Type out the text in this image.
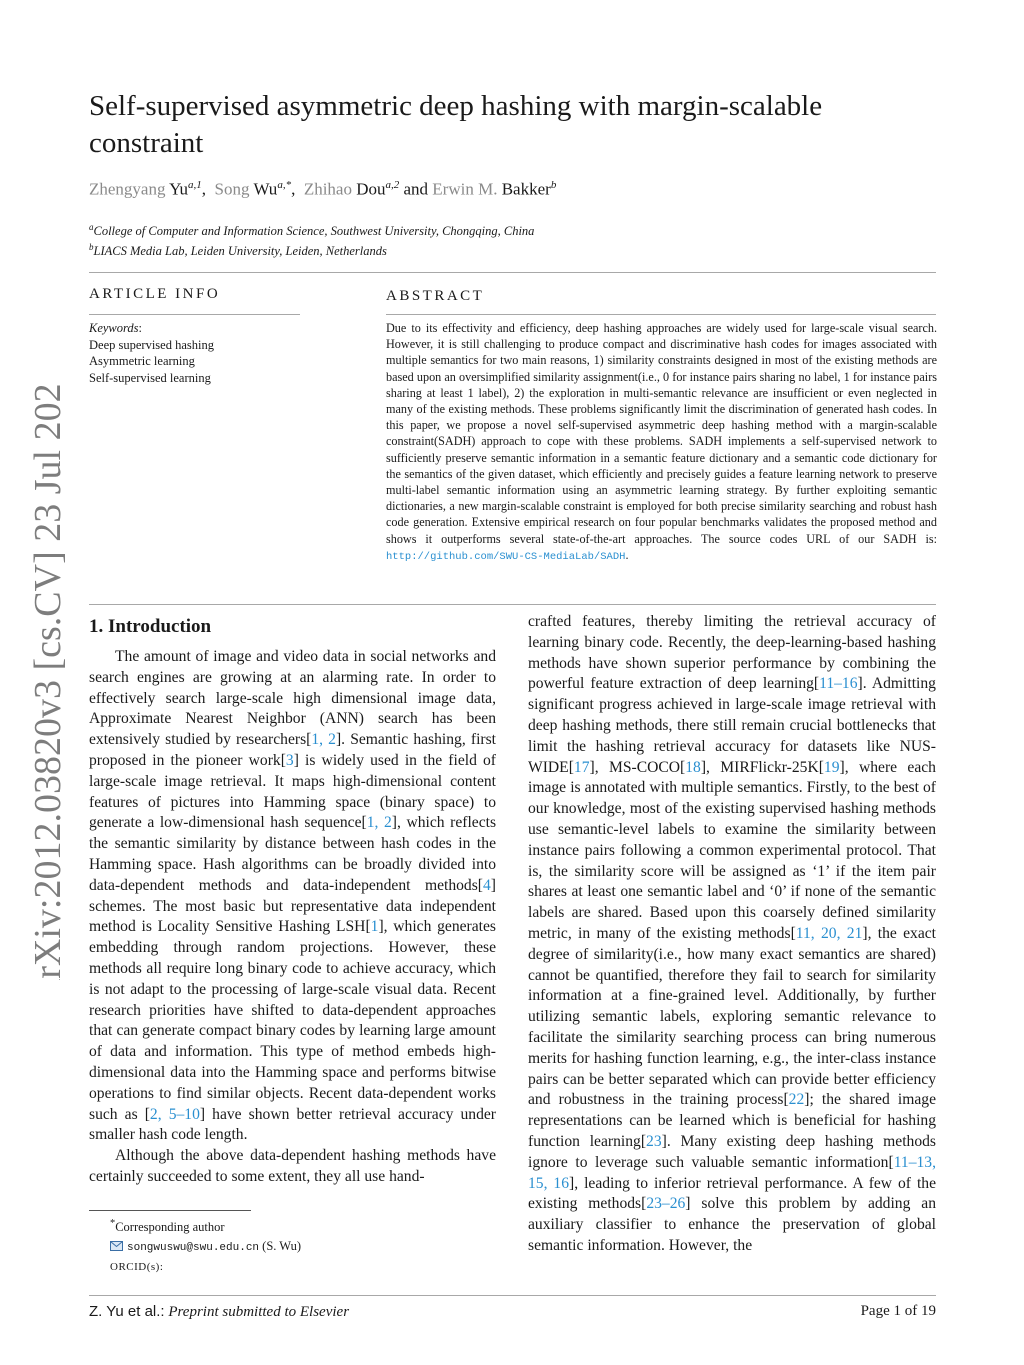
arXiv:2012.03820v3 [cs.CV] 23 Jul 2021
Self-supervised asymmetric deep hashing with margin-scalable constraint
Zhengyang Yu$^{a,1}$,  Song $Wu^{a,*}$,  Zhihao Dou$^{a,2}$ and Erwin M. Bakker$^b$
$^a$College of Computer and Information Science, Southwest University, Chongqing, China
$^b$LIACS Media Lab, Leiden University, Leiden, Netherlands
ARTICLE INFO
Keywords:
Deep supervised hashing
Asymmetric learning
Self-supervised learning
ABSTRACT
Due to its effectivity and efficiency, deep hashing approaches are widely used for large-scale visual search. However, it is still challenging to produce compact and discriminative hash codes for images associated with multiple semantics for two main reasons, 1) similarity constraints designed in most of the existing methods are based upon an oversimplified similarity assignment(i.e., 0 for instance pairs sharing no label, 1 for instance pairs sharing at least 1 label), 2) the exploration in multi-semantic relevance are insufficient or even neglected in many of the existing methods. These problems significantly limit the discrimination of generated hash codes. In this paper, we propose a novel self-supervised asymmetric deep hashing method with a margin-scalable constraint(SADH) approach to cope with these problems. SADH implements a self-supervised network to sufficiently preserve semantic information in a semantic feature dictionary and a semantic code dictionary for the semantics of the given dataset, which efficiently and precisely guides a feature learning network to preserve multi-label semantic information using an asymmetric learning strategy. By further exploiting semantic dictionaries, a new margin-scalable constraint is employed for both precise similarity searching and robust hash code generation. Extensive empirical research on four popular benchmarks validates the proposed method and shows it outperforms several state-of-the-art approaches. The source codes URL of our SADH is: http://github.com/SWU-CS-MediaLab/SADH.
1. Introduction

The amount of image and video data in social networks and search engines are growing at an alarming rate. In order to effectively search large-scale high dimensional image data, Approximate Nearest Neighbor (ANN) search has been extensively studied by researchers[1, 2]. Semantic hashing, first proposed in the pioneer work[3] is widely used in the field of large-scale image retrieval. It maps high-dimensional content features of pictures into Hamming space (binary space) to generate a low-dimensional hash sequence[1, 2], which reflects the semantic similarity by distance between hash codes in the Hamming space. Hash algorithms can be broadly divided into data-dependent methods and data-independent methods[4] schemes. The most basic but representative data independent method is Locality Sensitive Hashing LSH[1], which generates embedding through random projections. However, these methods all require long binary code to achieve accuracy, which is not adapt to the processing of large-scale visual data. Recent research priorities have shifted to data-dependent approaches that can generate compact binary codes by learning large amount of data and information. This type of method embeds high-dimensional data into the Hamming space and performs bitwise operations to find similar objects. Recent data-dependent works such as [2, 5–10] have shown better retrieval accuracy under smaller hash code length.

Although the above data-dependent hashing methods have certainly succeeded to some extent, they all use hand-

crafted features, thereby limiting the retrieval accuracy of learning binary code. Recently, the deep-learning-based hashing methods have shown superior performance by combining the powerful feature extraction of deep learning[11–16]. Admitting significant progress achieved in large-scale image retrieval with deep hashing methods, there still remain crucial bottlenecks that limit the hashing retrieval accuracy for datasets like NUS-WIDE[17], MS-COCO[18], MIRFlickr-25K[19], where each image is annotated with multiple semantics. Firstly, to the best of our knowledge, most of the existing supervised hashing methods use semantic-level labels to examine the similarity between instance pairs following a common experimental protocol. That is, the similarity score will be assigned as ‘1’ if the item pair shares at least one semantic label and ‘0’ if none of the semantic labels are shared. Based upon this coarsely defined similarity metric, in many of the existing methods[11, 20, 21], the exact degree of similarity(i.e., how many exact semantics are shared) cannot be quantified, therefore they fail to search for similarity information at a fine-grained level. Additionally, by further utilizing semantic labels, exploring semantic relevance to facilitate the similarity searching process can bring numerous merits for hashing function learning, e.g., the inter-class instance pairs can be better separated which can provide better efficiency and robustness in the training process[22]; the shared image representations can be learned which is beneficial for hashing function learning[23]. Many existing deep hashing methods ignore to leverage such valuable semantic information[11–13, 15, 16], leading to inferior retrieval performance. A few of the existing methods[23–26] solve this problem by adding an auxiliary classifier to enhance the preservation of global semantic information. However, the

*Corresponding author
songwuswu@swu.edu.cn (S. Wu)
ORCID(s):
Z. Yu et al.: Preprint submitted to Elsevier	Page 1 of 19
